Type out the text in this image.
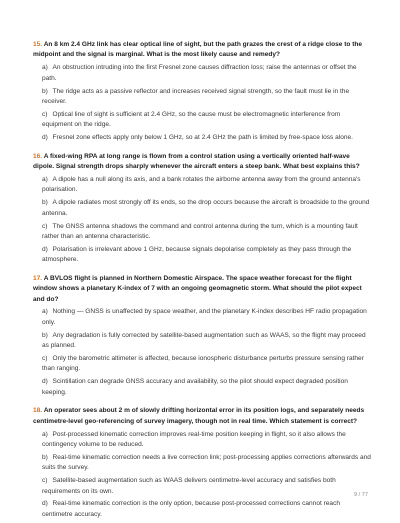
15. An 8 km 2.4 GHz link has clear optical line of sight, but the path grazes the crest of a ridge close to the midpoint and the signal is marginal. What is the most likely cause and remedy?

a) An obstruction intruding into the first Fresnel zone causes diffraction loss; raise the antennas or offset the path.

b) The ridge acts as a passive reflector and increases received signal strength, so the fault must lie in the receiver.

c) Optical line of sight is sufficient at 2.4 GHz, so the cause must be electromagnetic interference from equipment on the ridge.

d) Fresnel zone effects apply only below 1 GHz, so at 2.4 GHz the path is limited by free-space loss alone.

16. A fixed-wing RPA at long range is flown from a control station using a vertically oriented half-wave dipole. Signal strength drops sharply whenever the aircraft enters a steep bank. What best explains this?

a) A dipole has a null along its axis, and a bank rotates the airborne antenna away from the ground antenna's polarisation.

b) A dipole radiates most strongly off its ends, so the drop occurs because the aircraft is broadside to the ground antenna.

c) The GNSS antenna shadows the command and control antenna during the turn, which is a mounting fault rather than an antenna characteristic.

d) Polarisation is irrelevant above 1 GHz, because signals depolarise completely as they pass through the atmosphere.

17. A BVLOS flight is planned in Northern Domestic Airspace. The space weather forecast for the flight window shows a planetary K-index of 7 with an ongoing geomagnetic storm. What should the pilot expect and do?

a) Nothing — GNSS is unaffected by space weather, and the planetary K-index describes HF radio propagation only.

b) Any degradation is fully corrected by satellite-based augmentation such as WAAS, so the flight may proceed as planned.

c) Only the barometric altimeter is affected, because ionospheric disturbance perturbs pressure sensing rather than ranging.

d) Scintillation can degrade GNSS accuracy and availability, so the pilot should expect degraded position keeping.

18. An operator sees about 2 m of slowly drifting horizontal error in its position logs, and separately needs centimetre-level geo-referencing of survey imagery, though not in real time. Which statement is correct?

a) Post-processed kinematic correction improves real-time position keeping in flight, so it also allows the contingency volume to be reduced.

b) Real-time kinematic correction needs a live correction link; post-processing applies corrections afterwards and suits the survey.

c) Satellite-based augmentation such as WAAS delivers centimetre-level accuracy and satisfies both requirements on its own.

d) Real-time kinematic correction is the only option, because post-processed corrections cannot reach centimetre accuracy.

9 / 77
